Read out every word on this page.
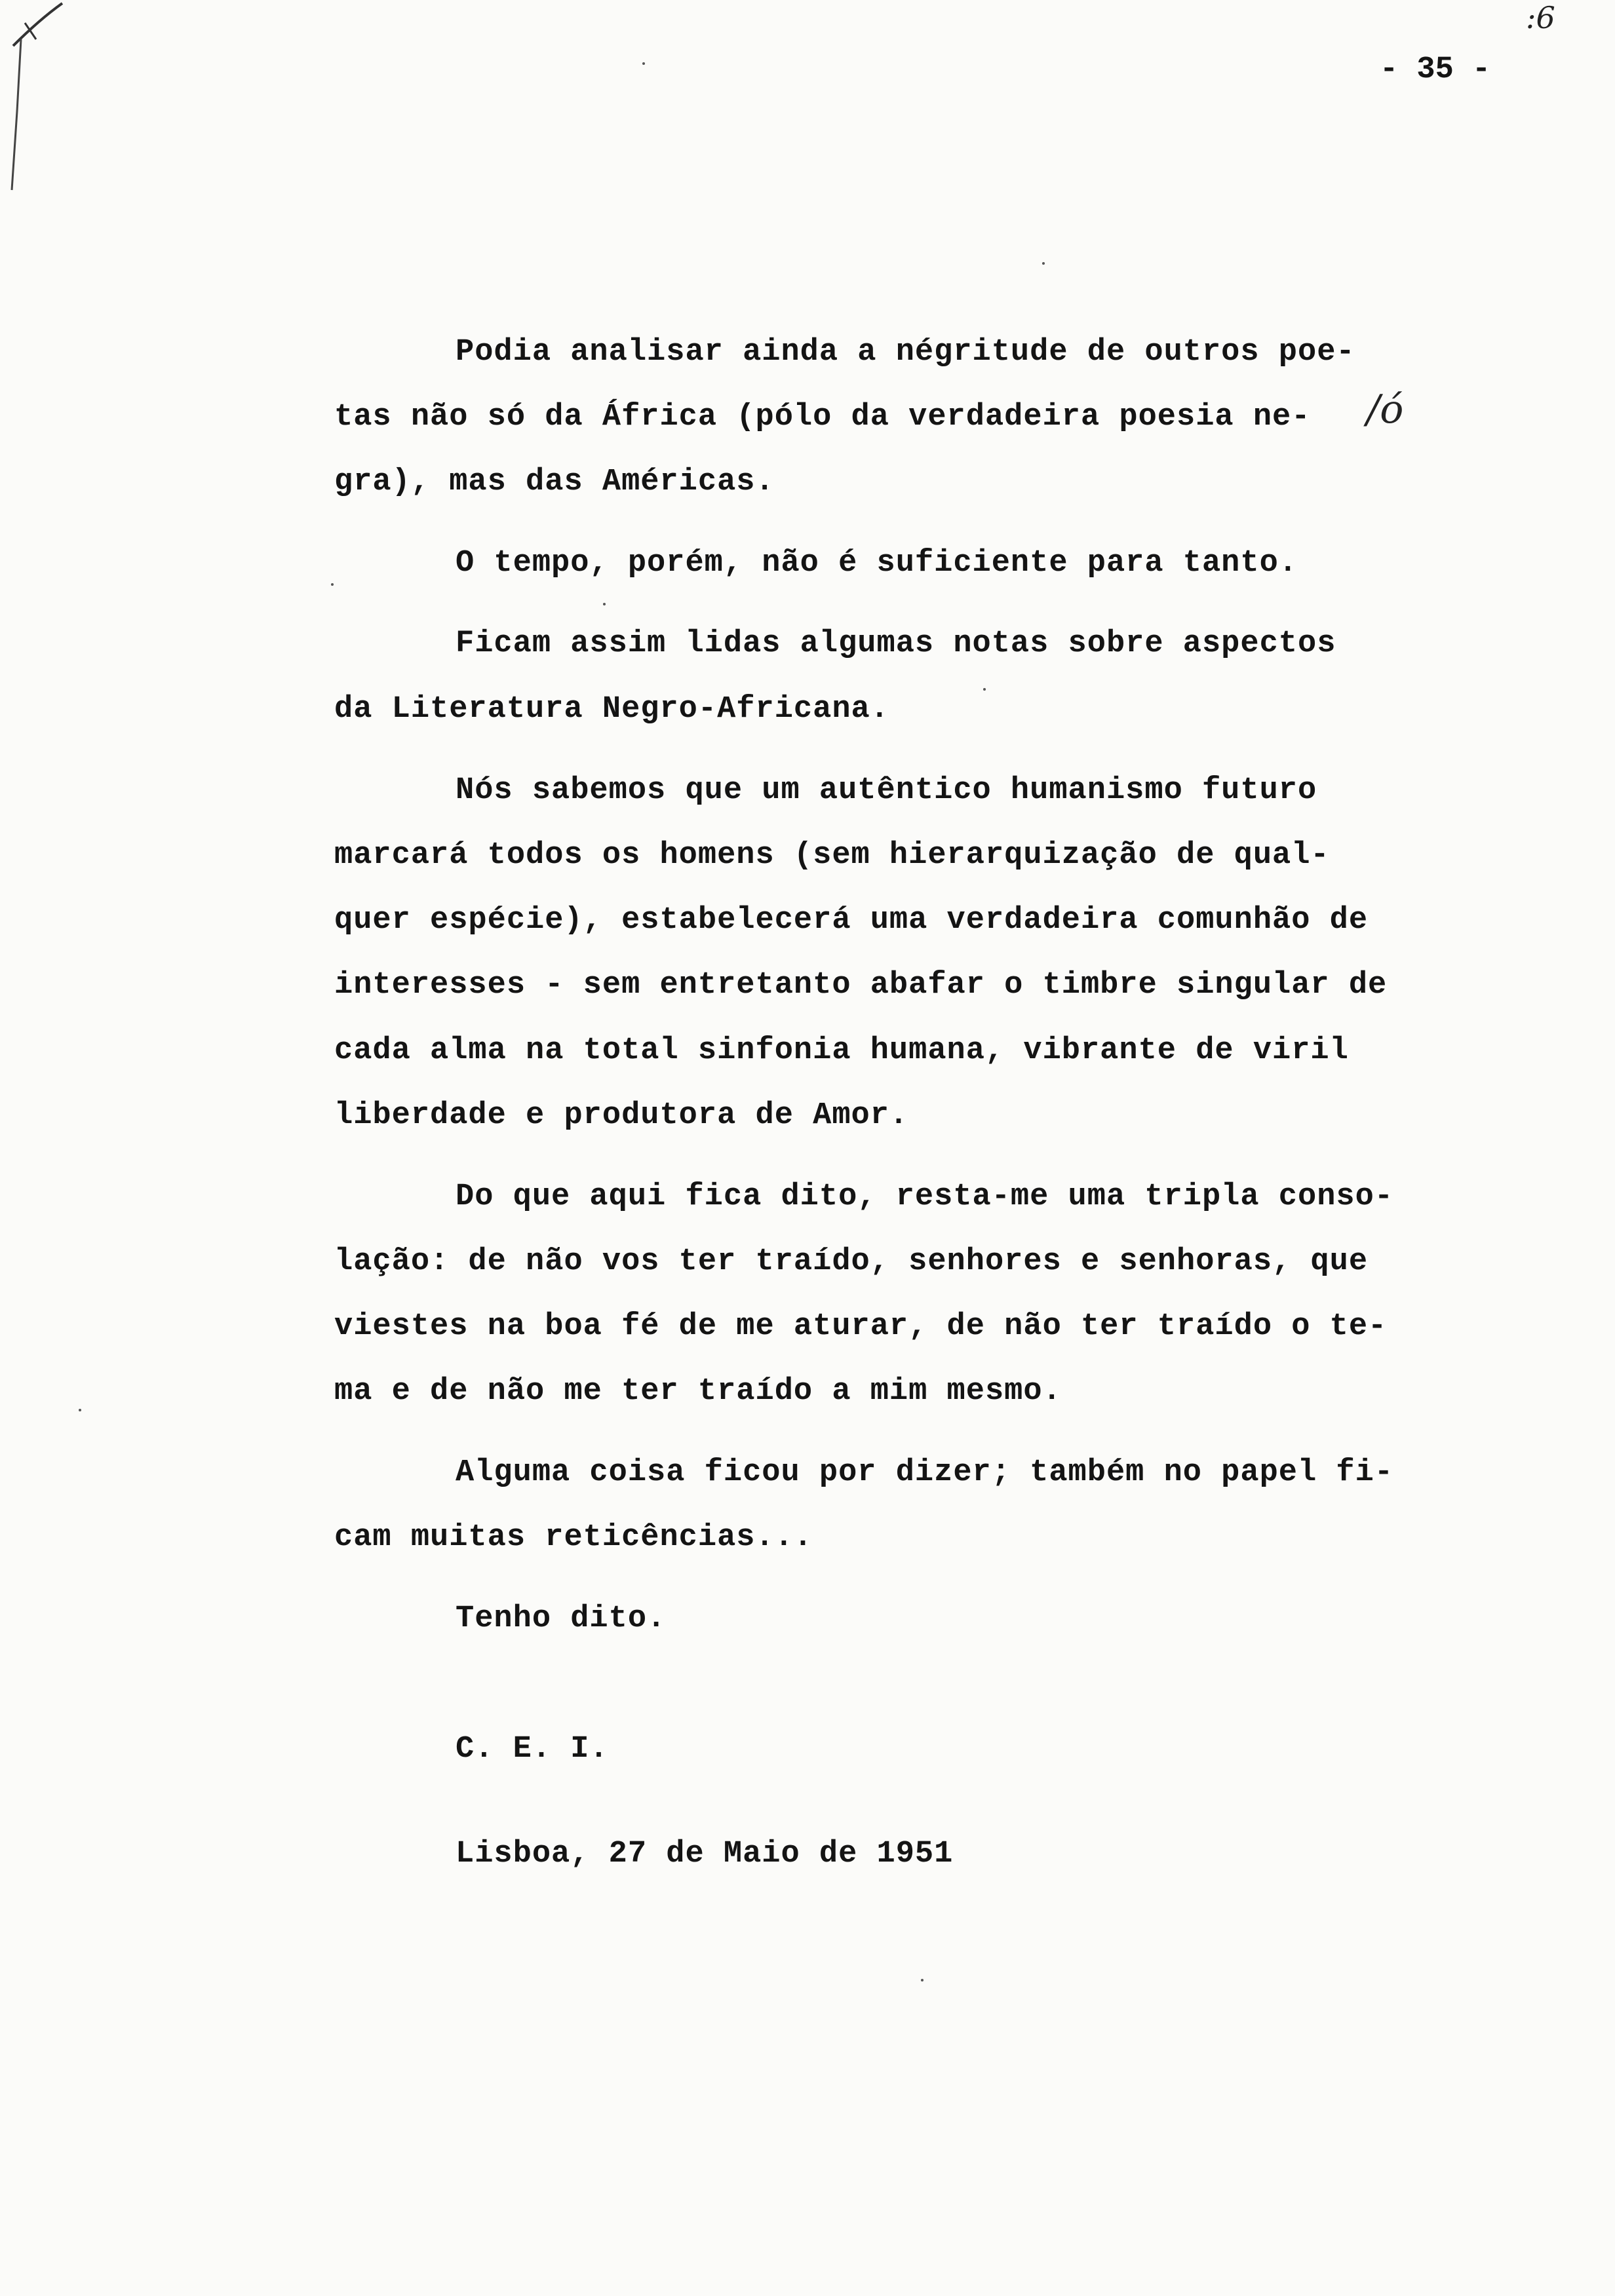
:6
- 35 -
Podia analisar ainda a négritude de outros poe-
tas não só da África (pólo da verdadeira poesia ne- /ó
gra), mas das Américas.
O tempo, porém, não é suficiente para tanto.
Ficam assim lidas algumas notas sobre aspectos
da Literatura Negro-Africana.
Nós sabemos que um autêntico humanismo futuro
marcará todos os homens (sem hierarquização de qual-
quer espécie), estabelecerá uma verdadeira comunhão de
interesses - sem entretanto abafar o timbre singular de
cada alma na total sinfonia humana, vibrante de viril
liberdade e produtora de Amor.
Do que aqui fica dito, resta-me uma tripla conso-
lação: de não vos ter traído, senhores e senhoras, que
viestes na boa fé de me aturar, de não ter traído o te-
ma e de não me ter traído a mim mesmo.
Alguma coisa ficou por dizer; também no papel fi-
cam muitas reticências...
Tenho dito.
C. E. I.
Lisboa, 27 de Maio de 1951
